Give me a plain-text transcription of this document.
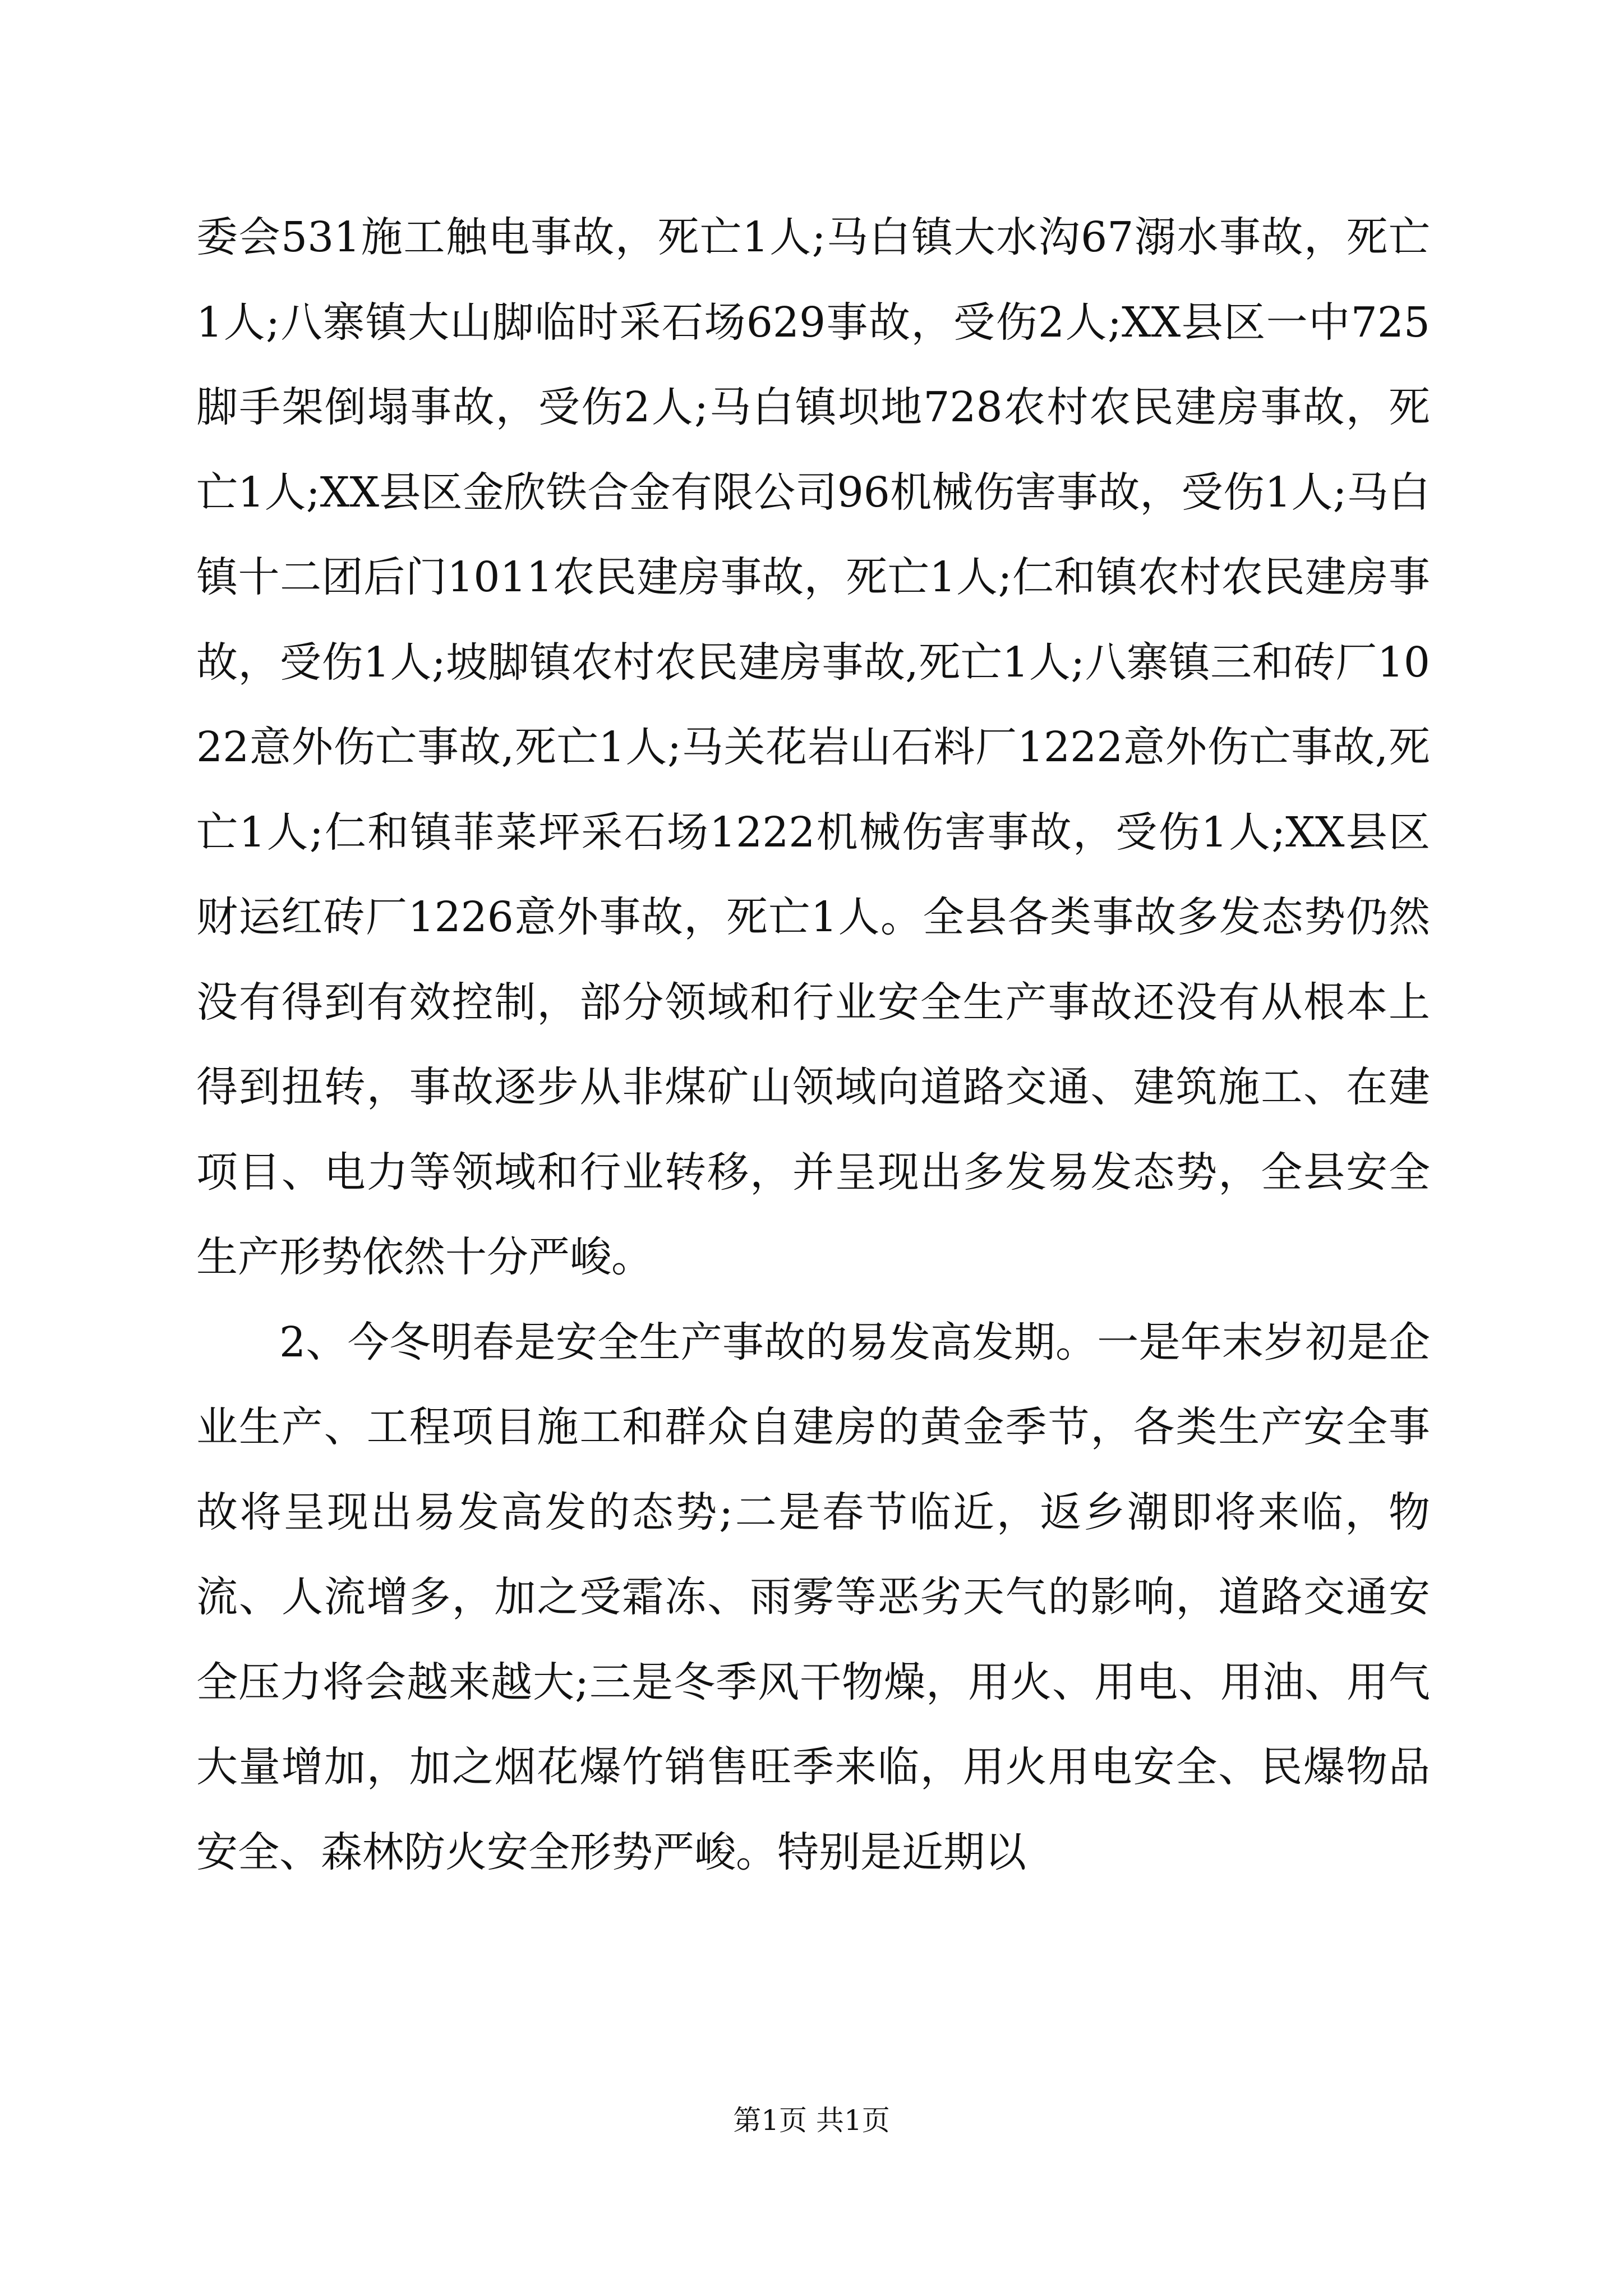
委会531施工触电事故，死亡1人;马白镇大水沟67溺水事故，死亡1人;八寨镇大山脚临时采石场629事故，受伤2人;XX县区一中725脚手架倒塌事故，受伤2人;马白镇坝地728农村农民建房事故，死亡1人;XX县区金欣铁合金有限公司96机械伤害事故，受伤1人;马白镇十二团后门1011农民建房事故，死亡1人;仁和镇农村农民建房事故，受伤1人;坡脚镇农村农民建房事故,死亡1人;八寨镇三和砖厂1022意外伤亡事故,死亡1人;马关花岩山石料厂1222意外伤亡事故,死亡1人;仁和镇菲菜坪采石场1222机械伤害事故，受伤1人;XX县区财运红砖厂1226意外事故，死亡1人。全县各类事故多发态势仍然没有得到有效控制，部分领域和行业安全生产事故还没有从根本上得到扭转，事故逐步从非煤矿山领域向道路交通、建筑施工、在建项目、电力等领域和行业转移，并呈现出多发易发态势，全县安全生产形势依然十分严峻。

2、今冬明春是安全生产事故的易发高发期。一是年末岁初是企业生产、工程项目施工和群众自建房的黄金季节，各类生产安全事故将呈现出易发高发的态势;二是春节临近，返乡潮即将来临，物流、人流增多，加之受霜冻、雨雾等恶劣天气的影响，道路交通安全压力将会越来越大;三是冬季风干物燥，用火、用电、用油、用气大量增加，加之烟花爆竹销售旺季来临，用火用电安全、民爆物品安全、森林防火安全形势严峻。特别是近期以

第1页 共1页
